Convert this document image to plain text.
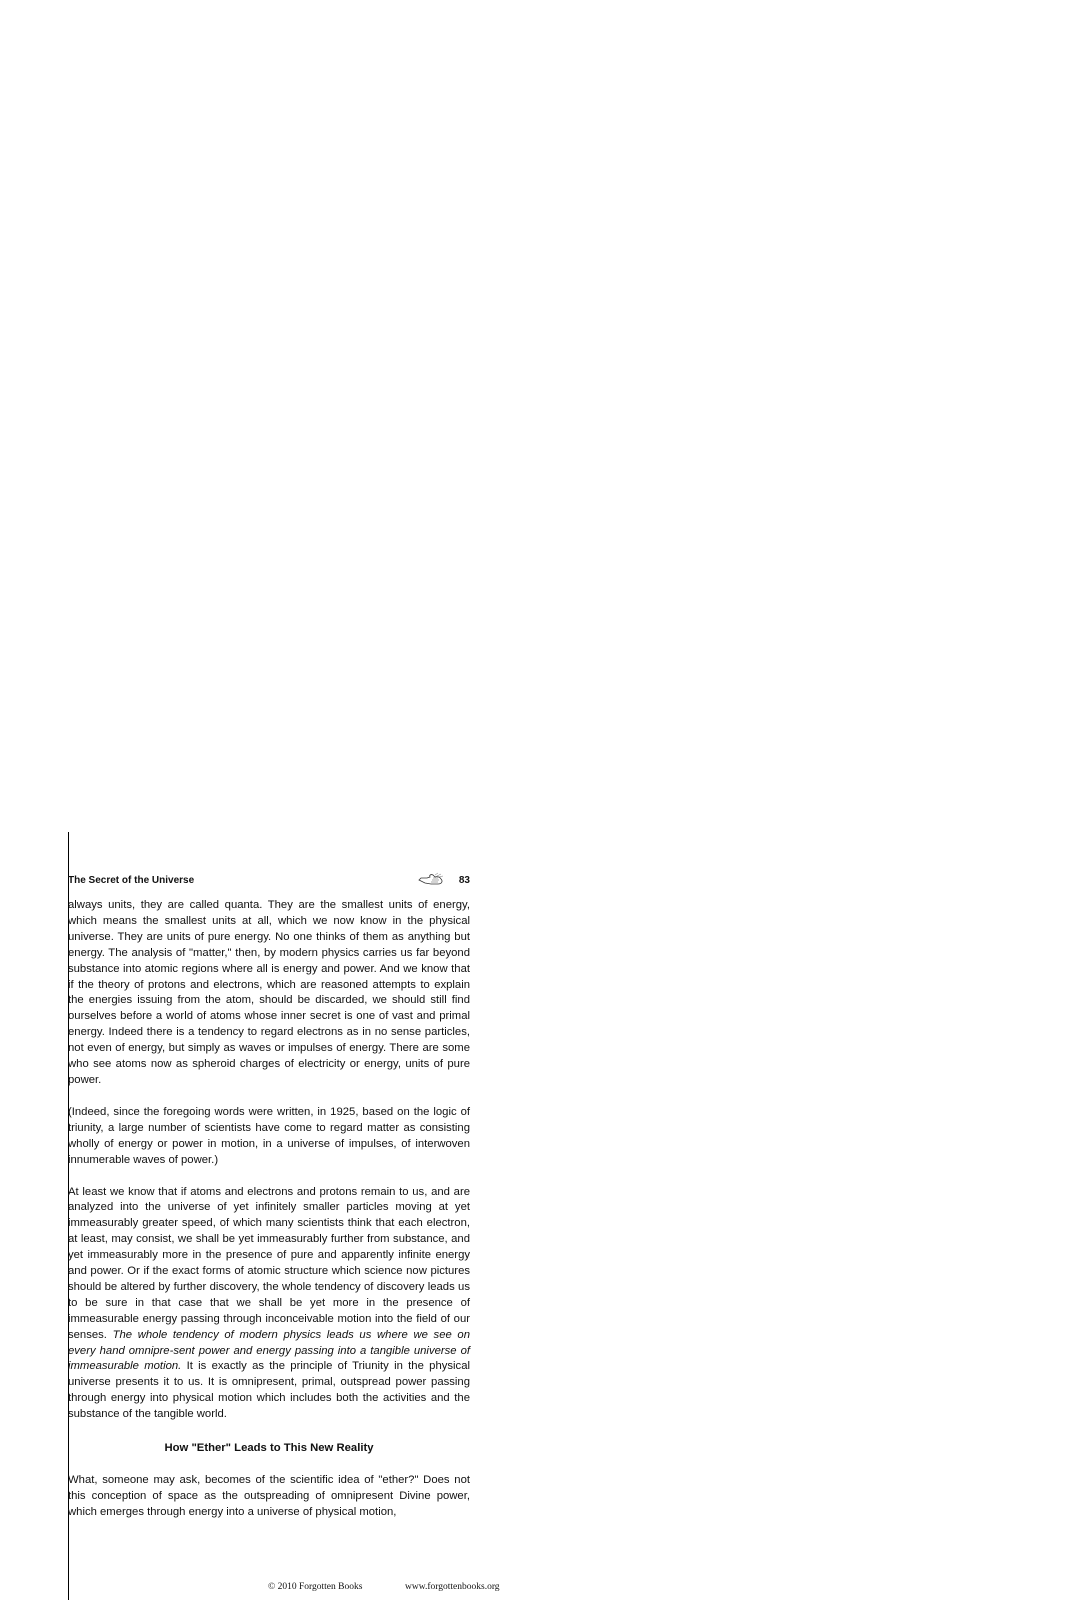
The Secret of the Universe	83

always units, they are called quanta. They are the smallest units of energy, which means the smallest units at all, which we now know in the physical universe. They are units of pure energy. No one thinks of them as anything but energy. The analysis of "matter," then, by modern physics carries us far beyond substance into atomic regions where all is energy and power. And we know that if the theory of protons and electrons, which are reasoned attempts to explain the energies issuing from the atom, should be discarded, we should still find ourselves before a world of atoms whose inner secret is one of vast and primal energy. Indeed there is a tendency to regard electrons as in no sense particles, not even of energy, but simply as waves or impulses of energy. There are some who see atoms now as spheroid charges of electricity or energy, units of pure power.

(Indeed, since the foregoing words were written, in 1925, based on the logic of triunity, a large number of scientists have come to regard matter as consisting wholly of energy or power in motion, in a universe of impulses, of interwoven innumerable waves of power.)

At least we know that if atoms and electrons and protons remain to us, and are analyzed into the universe of yet infinitely smaller particles moving at yet immeasurably greater speed, of which many scientists think that each electron, at least, may consist, we shall be yet immeasurably further from substance, and yet immeasurably more in the presence of pure and apparently infinite energy and power. Or if the exact forms of atomic structure which science now pictures should be altered by further discovery, the whole tendency of discovery leads us to be sure in that case that we shall be yet more in the presence of immeasurable energy passing through inconceivable motion into the field of our senses. The whole tendency of modern physics leads us where we see on every hand omnipre-sent power and energy passing into a tangible universe of immeasurable motion. It is exactly as the principle of Triunity in the physical universe presents it to us. It is omnipresent, primal, outspread power passing through energy into physical motion which includes both the activities and the substance of the tangible world.

How "Ether" Leads to This New Reality

What, someone may ask, becomes of the scientific idea of "ether?" Does not this conception of space as the outspreading of omnipresent Divine power, which emerges through energy into a universe of physical motion,

© 2010 Forgotten Books	www.forgottenbooks.org
